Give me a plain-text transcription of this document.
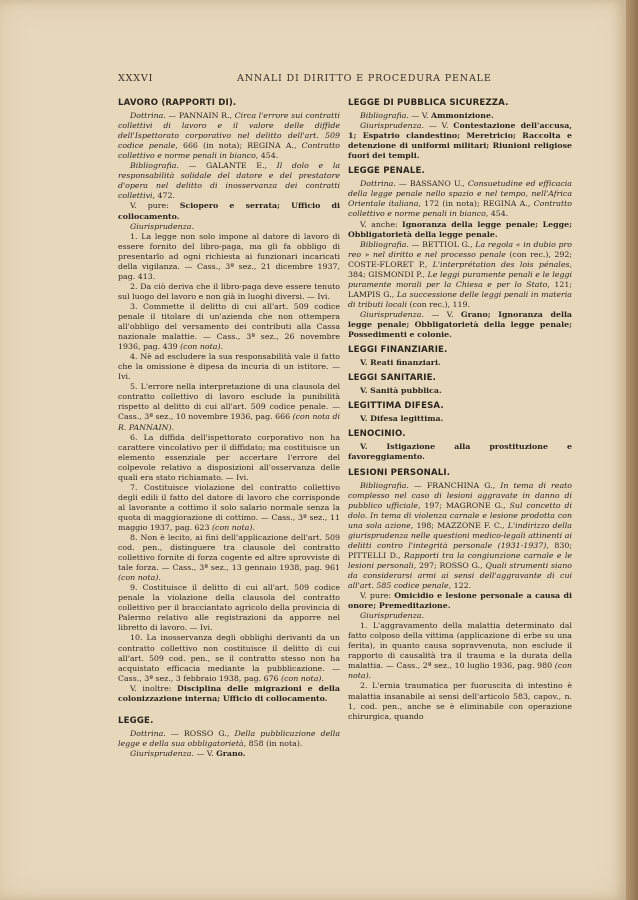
XXXVI	ANNALI DI DIRITTO E PROCEDURA PENALE
LAVORO (RAPPORTI DI).

Dottrina. — PANNAIN R., Circa l'errore sui contratti collettivi di lavoro e il valore delle diffide dell'Ispettorato corporativo nel delitto dell'art. 509 codice penale, 666 (in nota); REGINA A., Contratto collettivo e norme penali in bianco, 454.

Bibliografia. — GALANTE E., Il dolo e la responsabilità solidale del datore e del prestatore d'opera nel delitto di inosservanza dei contratti collettivi, 472.

V. pure: Sciopero e serrata; Ufficio di collocamento.

Giurisprudenza.

1. La legge non solo impone al datore di lavoro di essere fornito del libro-paga, ma gli fa obbligo di presentarlo ad ogni richiesta ai funzionari incaricati della vigilanza. — Cass., 3ª sez., 21 dicembre 1937, pag. 413.

2. Da ciò deriva che il libro-paga deve essere tenuto sul luogo del lavoro e non già in luoghi diversi. — Ivi.

3. Commette il delitto di cui all'art. 509 codice penale il titolare di un'azienda che non ottempera all'obbligo del versamento dei contributi alla Cassa nazionale malattie. — Cass., 3ª sez., 26 novembre 1936, pag. 439 (con nota).

4. Nè ad escludere la sua responsabilità vale il fatto che la omissione è dipesa da incuria di un istitore. — Ivi.

5. L'errore nella interpretazione di una clausola del contratto collettivo di lavoro esclude la punibilità rispetto al delitto di cui all'art. 509 codice penale. — Cass., 3ª sez., 10 novembre 1936, pag. 666 (con nota di R. PANNAIN).

6. La diffida dell'ispettorato corporativo non ha carattere vincolativo per il diffidato; ma costituisce un elemento essenziale per accertare l'errore del colpevole relativo a disposizioni all'osservanza delle quali era stato richiamato. — Ivi.

7. Costituisce violazione del contratto collettivo degli edili il fatto del datore di lavoro che corrisponde al lavorante a cottimo il solo salario normale senza la quota di maggiorazione di cottimo. — Cass., 3ª sez., 11 maggio 1937, pag. 623 (con nota).

8. Non è lecito, ai fini dell'applicazione dell'art. 509 cod. pen., distinguere tra clausole del contratto collettivo fornite di forza cogente ed altre sprovviste di tale forza. — Cass., 3ª sez., 13 gennaio 1938, pag. 961 (con nota).

9. Costituisce il delitto di cui all'art. 509 codice penale la violazione della clausola del contratto collettivo per il bracciantato agricolo della provincia di Palermo relativo alle registrazioni da apporre nel libretto di lavoro. — Ivi.

10. La inosservanza degli obblighi derivanti da un contratto collettivo non costituisce il delitto di cui all'art. 509 cod. pen., se il contratto stesso non ha acquistato efficacia mediante la pubblicazione. — Cass., 3ª sez., 3 febbraio 1938, pag. 676 (con nota).

V. inoltre: Disciplina delle migrazioni e della colonizzazione interna; Ufficio di collocamento.

LEGGE.

Dottrina. — ROSSO G., Della pubblicazione della legge e della sua obbligatorietà, 858 (in nota).

Giurisprudenza. — V. Grano.

LEGGE DI PUBBLICA SICUREZZA.

Bibliografia. — V. Ammonizione.

Giurisprudenza. — V. Contestazione dell'accusa, 1; Espatrio clandestino; Meretricio; Raccolta e detenzione di uniformi militari; Riunioni religiose fuori dei templi.

LEGGE PENALE.

Dottrina. — BASSANO U., Consuetudine ed efficacia della legge penale nello spazio e nel tempo, nell'Africa Orientale italiana, 172 (in nota); REGINA A., Contratto collettivo e norme penali in bianco, 454.

V. anche: Ignoranza della legge penale; Legge; Obbligatorietà della legge penale.

Bibliografia. — BETTIOL G., La regola « in dubio pro reo » nel diritto e nel processo penale (con rec.), 292; COSTE-FLORET P., L'interprétation des lois pénales, 384; GISMONDI P., Le leggi puramente penali e le leggi puramente morali per la Chiesa e per lo Stato, 121; LAMPIS G., La successione delle leggi penali in materia di tributi locali (con rec.), 119.

Giurisprudenza. — V. Grano; Ignoranza della legge penale; Obbligatorietà della legge penale; Possedimenti e colonie.

LEGGI FINANZIARIE.

V. Reati finanziari.

LEGGI SANITARIE.

V. Sanità pubblica.

LEGITTIMA DIFESA.

V. Difesa legittima.

LENOCINIO.

V. Istigazione alla prostituzione e favoreggiamento.

LESIONI PERSONALI.

Bibliografia. — FRANCHINA G., In tema di reato complesso nel caso di lesioni aggravate in danno di pubblico ufficiale, 197; MAGRONE G., Sul concetto di dolo. In tema di violenza carnale e lesione prodotta con una sola azione, 198; MAZZONE F. C., L'indirizzo della giurisprudenza nelle questioni medico-legali attinenti ai delitti contro l'integrità personale (1931-1937), 830; PITTELLI D., Rapporti tra la congiunzione carnale e le lesioni personali, 297; ROSSO G., Quali strumenti siano da considerarsi armi ai sensi dell'aggravante di cui all'art. 585 codice penale, 122.

V. pure: Omicidio e lesione personale a causa di onore; Premeditazione.

Giurisprudenza.

1. L'aggravamento della malattia determinato dal fatto colposo della vittima (applicazione di erbe su una ferita), in quanto causa sopravvenuta, non esclude il rapporto di causalità tra il trauma e la durata della malattia. — Cass., 2ª sez., 10 luglio 1936, pag. 980 (con nota).

2. L'ernia traumatica per fuoruscita di intestino è malattia insanabile ai sensi dell'articolo 583, capov., n. 1, cod. pen., anche se è eliminabile con operazione chirurgica, quando
